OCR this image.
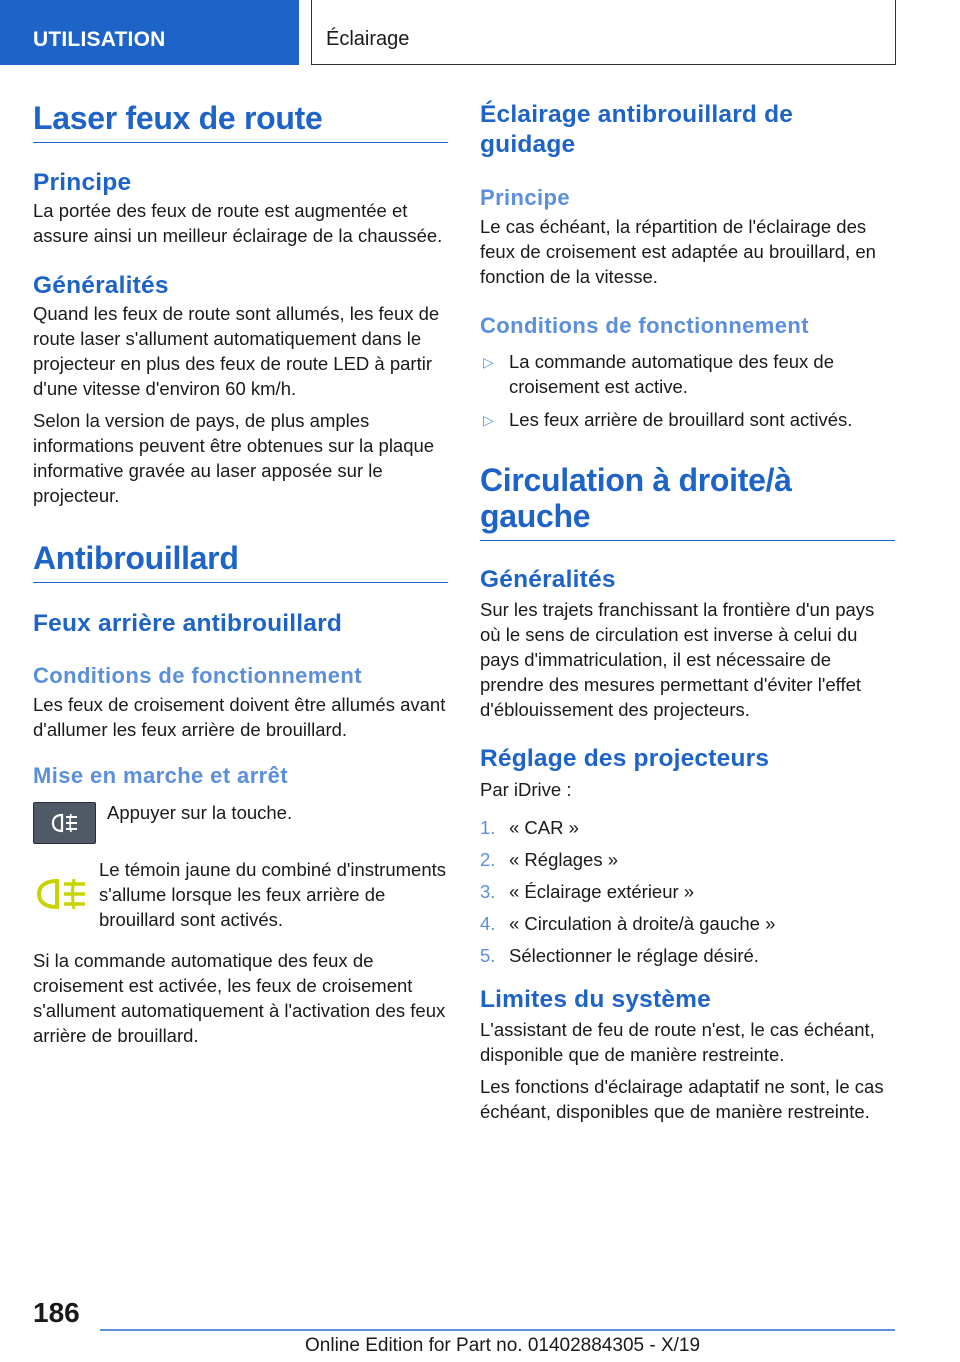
UTILISATION	Éclairage
Laser feux de route
Principe
La portée des feux de route est augmentée et assure ainsi un meilleur éclairage de la chaussée.
Généralités
Quand les feux de route sont allumés, les feux de route laser s'allument automatiquement dans le projecteur en plus des feux de route LED à partir d'une vitesse d'environ 60 km/h.
Selon la version de pays, de plus amples informations peuvent être obtenues sur la plaque informative gravée au laser apposée sur le projecteur.
Antibrouillard
Feux arrière antibrouillard
Conditions de fonctionnement
Les feux de croisement doivent être allumés avant d'allumer les feux arrière de brouillard.
Mise en marche et arrêt
Appuyer sur la touche.
Le témoin jaune du combiné d'instruments s'allume lorsque les feux arrière de brouillard sont activés.
Si la commande automatique des feux de croisement est activée, les feux de croisement s'allument automatiquement à l'activation des feux arrière de brouillard.
Éclairage antibrouillard de guidage
Principe
Le cas échéant, la répartition de l'éclairage des feux de croisement est adaptée au brouillard, en fonction de la vitesse.
Conditions de fonctionnement
▷ La commande automatique des feux de croisement est active.
▷ Les feux arrière de brouillard sont activés.
Circulation à droite/à gauche
Généralités
Sur les trajets franchissant la frontière d'un pays où le sens de circulation est inverse à celui du pays d'immatriculation, il est nécessaire de prendre des mesures permettant d'éviter l'effet d'éblouissement des projecteurs.
Réglage des projecteurs
Par iDrive :
1. « CAR »
2. « Réglages »
3. « Éclairage extérieur »
4. « Circulation à droite/à gauche »
5. Sélectionner le réglage désiré.
Limites du système
L'assistant de feu de route n'est, le cas échéant, disponible que de manière restreinte.
Les fonctions d'éclairage adaptatif ne sont, le cas échéant, disponibles que de manière restreinte.
186
Online Edition for Part no. 01402884305 - X/19
